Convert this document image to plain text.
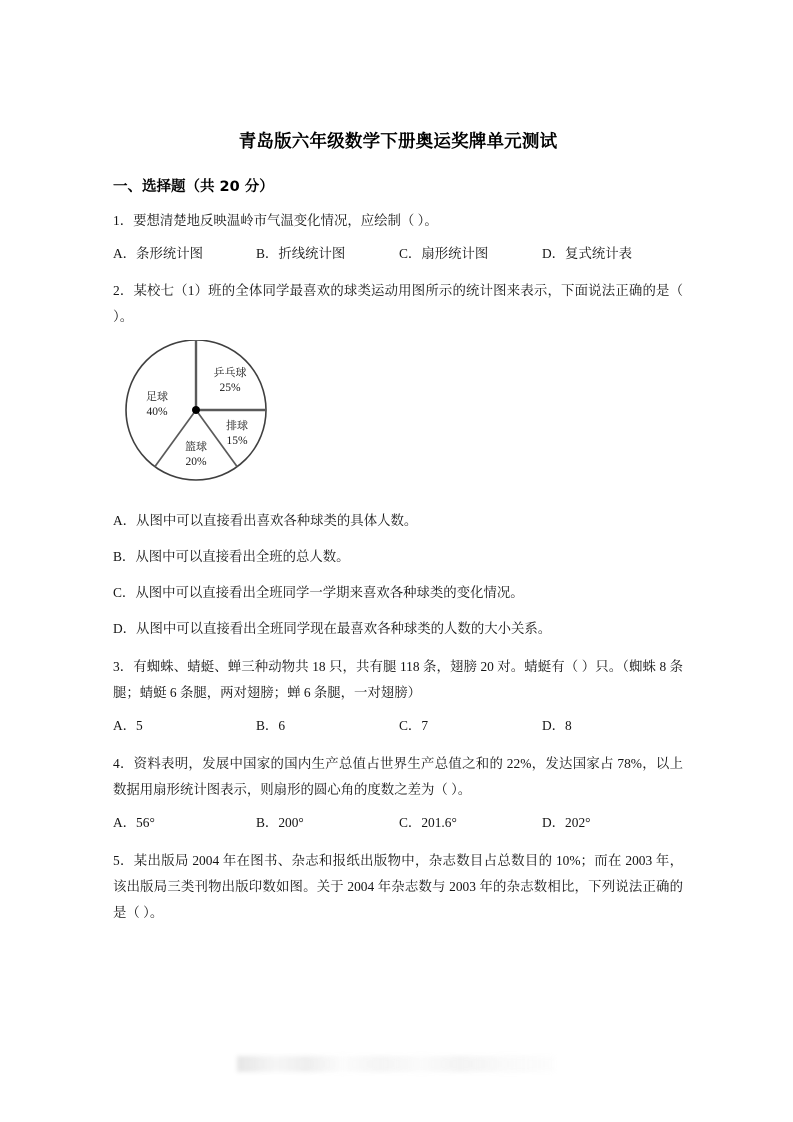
青岛版六年级数学下册奥运奖牌单元测试
一、选择题（共 20 分）
1．要想清楚地反映温岭市气温变化情况，应绘制（ ）。
A．条形统计图	B．折线统计图	C．扇形统计图	D．复式统计表
2．某校七（1）班的全体同学最喜欢的球类运动用图所示的统计图来表示，下面说法正确的是（ ）。
足球
40%
乒乓球
25%
排球
15%
篮球
20%
A．从图中可以直接看出喜欢各种球类的具体人数。
B．从图中可以直接看出全班的总人数。
C．从图中可以直接看出全班同学一学期来喜欢各种球类的变化情况。
D．从图中可以直接看出全班同学现在最喜欢各种球类的人数的大小关系。
3．有蜘蛛、蜻蜓、蝉三种动物共 18 只，共有腿 118 条，翅膀 20 对。蜻蜓有（ ）只。（蜘蛛 8 条腿；蜻蜓 6 条腿，两对翅膀；蝉 6 条腿，一对翅膀）
A．5	B．6	C．7	D．8
4．资料表明，发展中国家的国内生产总值占世界生产总值之和的 22%，发达国家占 78%，以上数据用扇形统计图表示，则扇形的圆心角的度数之差为（ ）。
A．56°	B．200°	C．201.6°	D．202°
5．某出版局 2004 年在图书、杂志和报纸出版物中，杂志数目占总数目的 10%；而在 2003 年，该出版局三类刊物出版印数如图。关于 2004 年杂志数与 2003 年的杂志数相比，下列说法正确的是（ ）。
